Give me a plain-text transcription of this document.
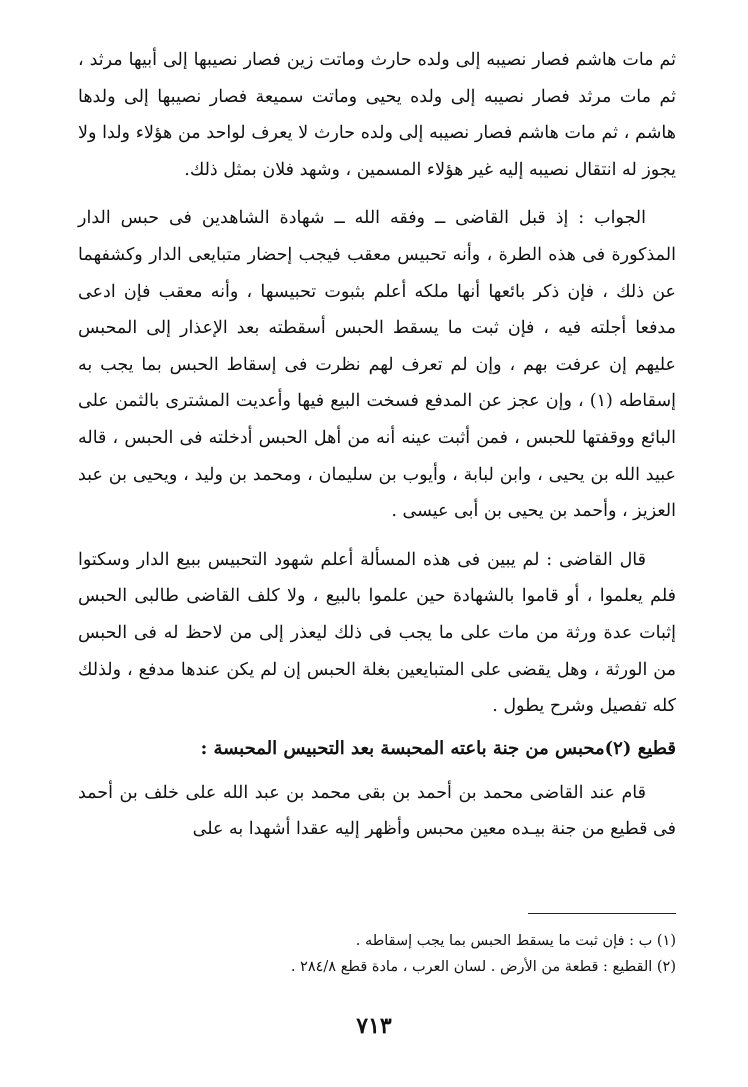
ثم مات هاشم فصار نصيبه إلى ولده حارث وماتت زين فصار نصيبها إلى أبيها مرثد ، ثم مات مرثد فصار نصيبه إلى ولده يحيى وماتت سميعة فصار نصيبها إلى ولدها هاشم ، ثم مات هاشم فصار نصيبه إلى ولده حارث لا يعرف لواحد من هؤلاء ولدا ولا يجوز له انتقال نصيبه إليه غير هؤلاء المسمين ، وشهد فلان بمثل ذلك.

الجواب : إذ قبل القاضى ــ وفقه الله ــ شهادة الشاهدين فى حبس الدار المذكورة فى هذه الطرة ، وأنه تحبيس معقب فيجب إحضار متبايعى الدار وكشفهما عن ذلك ، فإن ذكر بائعها أنها ملكه أعلم بثبوت تحبيسها ، وأنه معقب فإن ادعى مدفعا أجلته فيه ، فإن ثبت ما يسقط الحبس أسقطته بعد الإعذار إلى المحبس عليهم إن عرفت بهم ، وإن لم تعرف لهم نظرت فى إسقاط الحبس بما يجب به إسقاطه (١) ، وإن عجز عن المدفع فسخت البيع فيها وأعديت المشترى بالثمن على البائع ووقفتها للحبس ، فمن أثبت عينه أنه من أهل الحبس أدخلته فى الحبس ، قاله عبيد الله بن يحيى ، وابن لبابة ، وأيوب بن سليمان ، ومحمد بن وليد ، ويحيى بن عبد العزيز ، وأحمد بن يحيى بن أبى عيسى .

قال القاضى : لم يبين فى هذه المسألة أعلم شهود التحبيس ببيع الدار وسكتوا فلم يعلموا ، أو قاموا بالشهادة حين علموا بالبيع ، ولا كلف القاضى طالبى الحبس إثبات عدة ورثة من مات على ما يجب فى ذلك ليعذر إلى من لاحظ له فى الحبس من الورثة ، وهل يقضى على المتبايعين بغلة الحبس إن لم يكن عندها مدفع ، ولذلك كله تفصيل وشرح يطول .

قطيع (٢)محبس من جنة باعته المحبسة بعد التحبيس المحبسة :

قام عند القاضى محمد بن أحمد بن بقى محمد بن عبد الله على خلف بن أحمد فى قطيع من جنة بيـده معين محبس وأظهر إليه عقدا أشهدا به على

(١) ب : فإن ثبت ما يسقط الحبس بما يجب إسقاطه .

(٢) القطيع : قطعة من الأرض . لسان العرب ، مادة قطع ٢٨٤/٨ .

٧١٣
